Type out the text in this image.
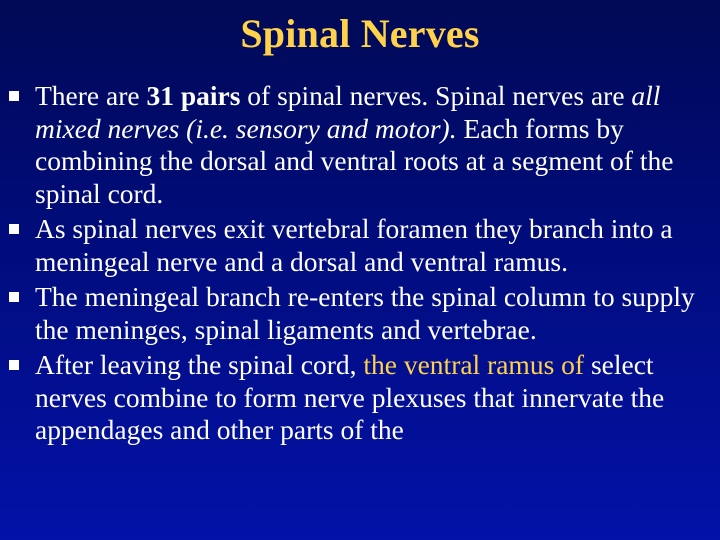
Spinal Nerves
There are 31 pairs of spinal nerves. Spinal nerves are all mixed nerves (i.e. sensory and motor). Each forms by combining the dorsal and ventral roots at a segment of the spinal cord.
As spinal nerves exit vertebral foramen they branch into a meningeal nerve and a dorsal and ventral ramus.
The meningeal branch re-enters the spinal column to supply the meninges, spinal ligaments and vertebrae.
After leaving the spinal cord, the ventral ramus of select nerves combine to form nerve plexuses that innervate the appendages and other parts of the
